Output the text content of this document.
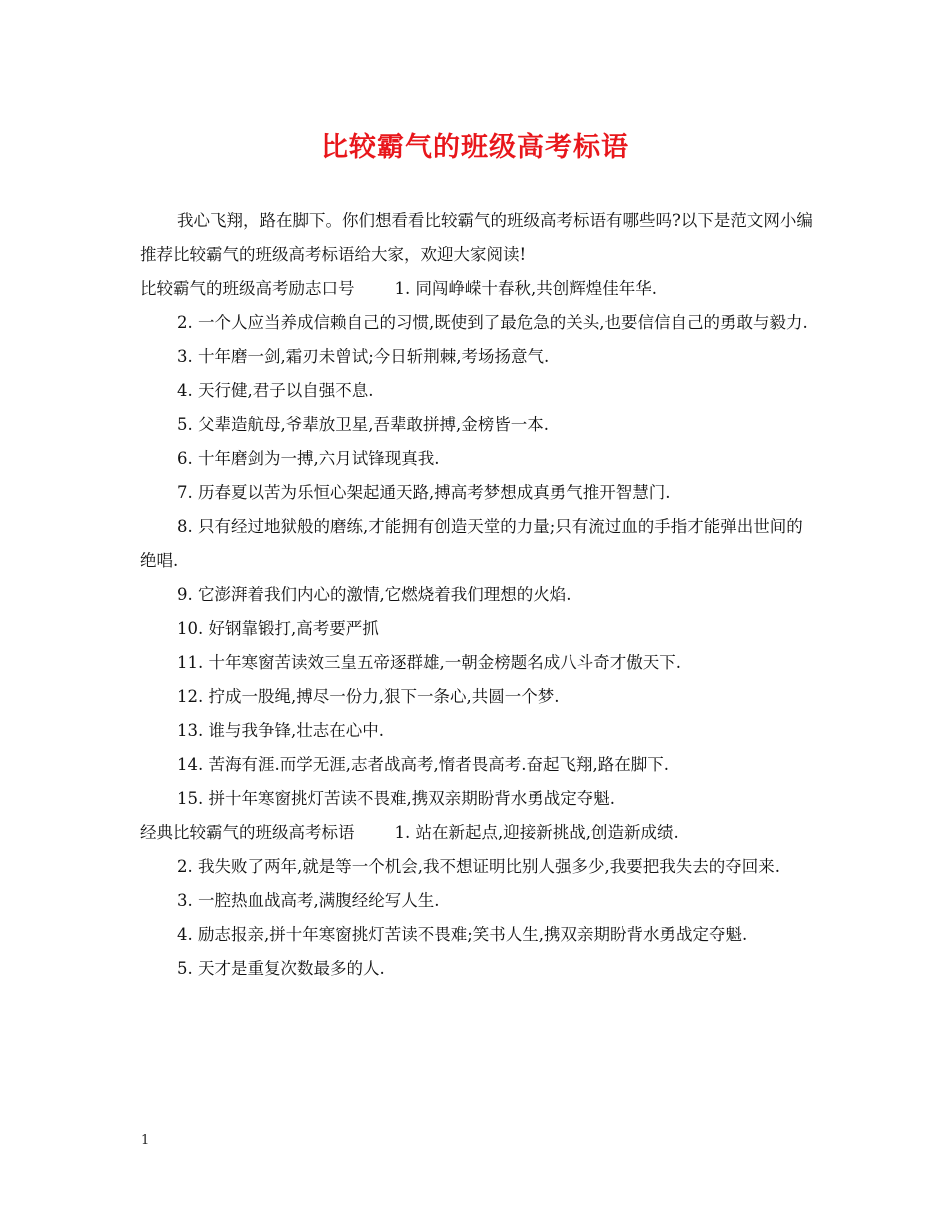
比较霸气的班级高考标语

我心飞翔，路在脚下。你们想看看比较霸气的班级高考标语有哪些吗?以下是范文网小编推荐比较霸气的班级高考标语给大家，欢迎大家阅读!

比较霸气的班级高考励志口号 1. 同闯峥嵘十春秋,共创辉煌佳年华.

2. 一个人应当养成信赖自己的习惯,既使到了最危急的关头,也要信信自己的勇敢与毅力.

3. 十年磨一剑,霜刃未曾试;今日斩荆棘,考场扬意气.

4. 天行健,君子以自强不息.

5. 父辈造航母,爷辈放卫星,吾辈敢拼搏,金榜皆一本.

6. 十年磨剑为一搏,六月试锋现真我.

7. 历春夏以苦为乐恒心架起通天路,搏高考梦想成真勇气推开智慧门.

8. 只有经过地狱般的磨练,才能拥有创造天堂的力量;只有流过血的手指才能弹出世间的绝唱.

9. 它澎湃着我们内心的激情,它燃烧着我们理想的火焰.

10. 好钢靠锻打,高考要严抓

11. 十年寒窗苦读效三皇五帝逐群雄,一朝金榜题名成八斗奇才傲天下.

12. 拧成一股绳,搏尽一份力,狠下一条心,共圆一个梦.

13. 谁与我争锋,壮志在心中.

14. 苦海有涯.而学无涯,志者战高考,惰者畏高考.奋起飞翔,路在脚下.

15. 拼十年寒窗挑灯苦读不畏难,携双亲期盼背水勇战定夺魁.

经典比较霸气的班级高考标语 1. 站在新起点,迎接新挑战,创造新成绩.

2. 我失败了两年,就是等一个机会,我不想证明比别人强多少,我要把我失去的夺回来.

3. 一腔热血战高考,满腹经纶写人生.

4. 励志报亲,拼十年寒窗挑灯苦读不畏难;笑书人生,携双亲期盼背水勇战定夺魁.

5. 天才是重复次数最多的人.

1
